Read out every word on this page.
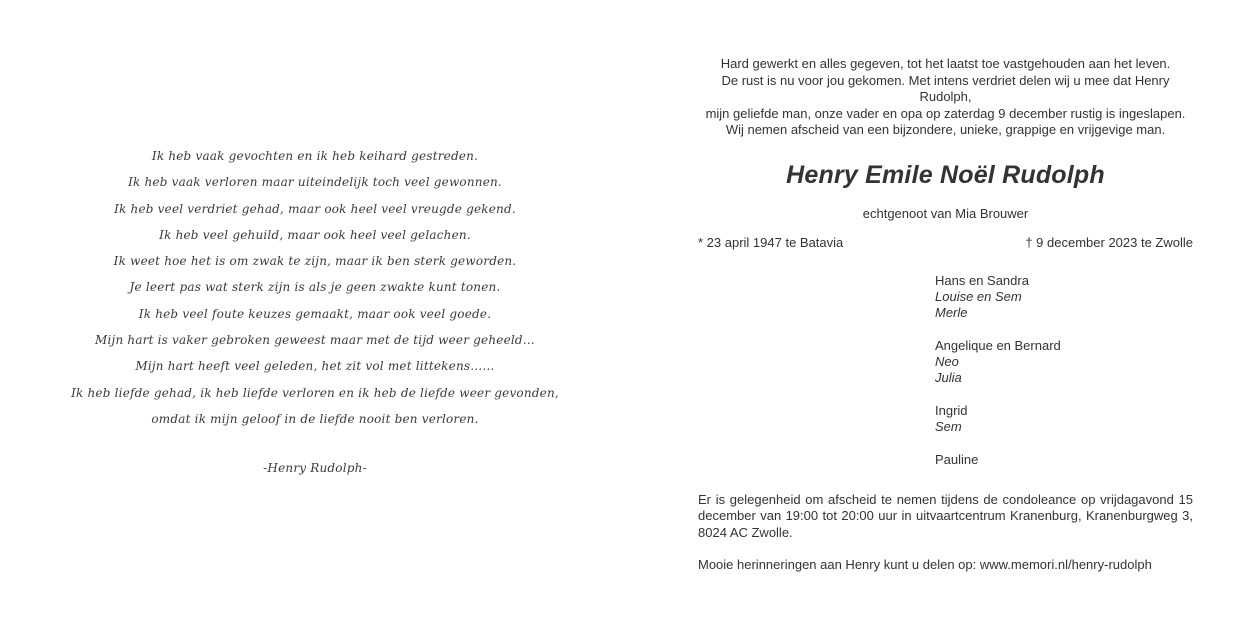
Ik heb vaak gevochten en ik heb keihard gestreden.
Ik heb vaak verloren maar uiteindelijk toch veel gewonnen.
Ik heb veel verdriet gehad, maar ook heel veel vreugde gekend.
Ik heb veel gehuild, maar ook heel veel gelachen.
Ik weet hoe het is om zwak te zijn, maar ik ben sterk geworden.
Je leert pas wat sterk zijn is als je geen zwakte kunt tonen.
Ik heb veel foute keuzes gemaakt, maar ook veel goede.
Mijn hart is vaker gebroken geweest maar met de tijd weer geheeld…
Mijn hart heeft veel geleden, het zit vol met littekens……
Ik heb liefde gehad, ik heb liefde verloren en ik heb de liefde weer gevonden,
omdat ik mijn geloof in de liefde nooit ben verloren.
-Henry Rudolph-
Hard gewerkt en alles gegeven, tot het laatst toe vastgehouden aan het leven.
De rust is nu voor jou gekomen. Met intens verdriet delen wij u mee dat Henry Rudolph,
mijn geliefde man, onze vader en opa op zaterdag 9 december rustig is ingeslapen.
Wij nemen afscheid van een bijzondere, unieke, grappige en vrijgevige man.
Henry Emile Noël Rudolph
echtgenoot van Mia Brouwer
* 23 april 1947 te Batavia	† 9 december 2023 te Zwolle
Hans en Sandra
Louise en Sem
Merle
Angelique en Bernard
Neo
Julia
Ingrid
Sem
Pauline
Er is gelegenheid om afscheid te nemen tijdens de condoleance op vrijdagavond 15 december van 19:00 tot 20:00 uur in uitvaartcentrum Kranenburg, Kranenburgweg 3, 8024 AC Zwolle.
Mooie herinneringen aan Henry kunt u delen op: www.memori.nl/henry-rudolph
